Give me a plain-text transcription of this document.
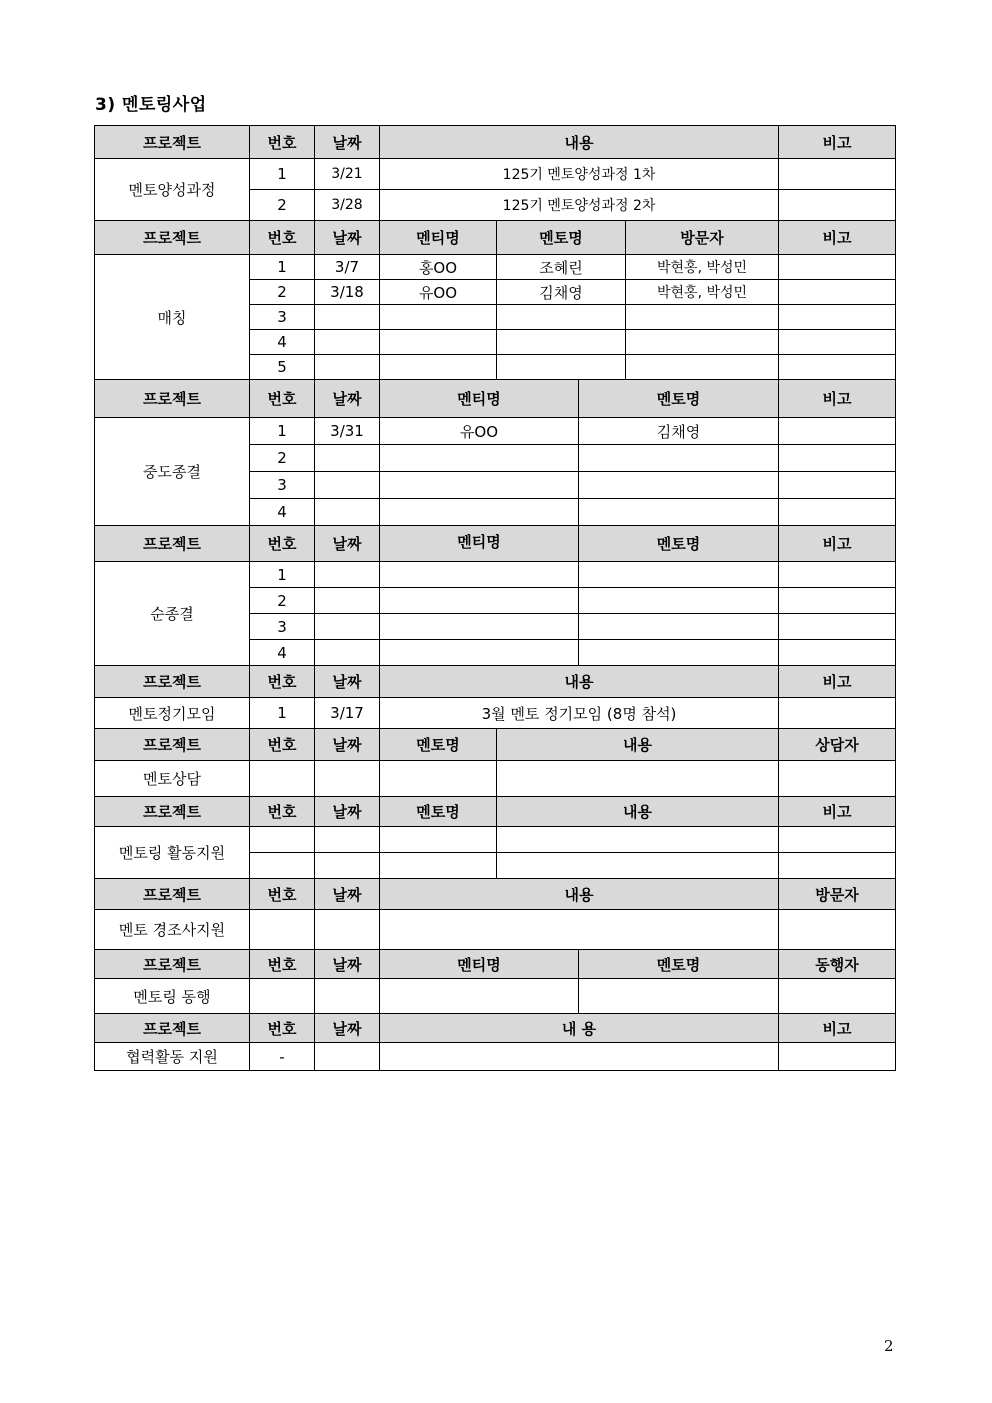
3) 멘토링사업
프로젝트	번호	날짜	내용				비고
멘토양성과정	1	3/21	125기 멘토양성과정 1차				
	2	3/28	125기 멘토양성과정 2차				
프로젝트	번호	날짜	멘티명	멘토명		방문자	비고
매칭	1	3/7	홍OO	조혜린		박현홍, 박성민	
	2	3/18	유OO	김채영		박현홍, 박성민	
	3						
	4						
	5						
프로젝트	번호	날짜	멘티명		멘토명		비고
중도종결	1	3/31	유OO		김채영		
	2						
	3						
	4						
프로젝트	번호	날짜	멘티명		멘토명		비고
순종결	1						
	2						
	3						
	4						
프로젝트	번호	날짜	내용				비고
멘토정기모임	1	3/17	3월 멘토 정기모임 (8명 참석)				
프로젝트	번호	날짜	멘토명	내용			상담자
멘토상담							
프로젝트	번호	날짜	멘토명	내용			비고
멘토링 활동지원							

프로젝트	번호	날짜	내용				방문자
멘토 경조사지원							
프로젝트	번호	날짜	멘티명		멘토명		동행자
멘토링 동행							
프로젝트	번호	날짜	내 용				비고
협력활동 지원	-						
2
